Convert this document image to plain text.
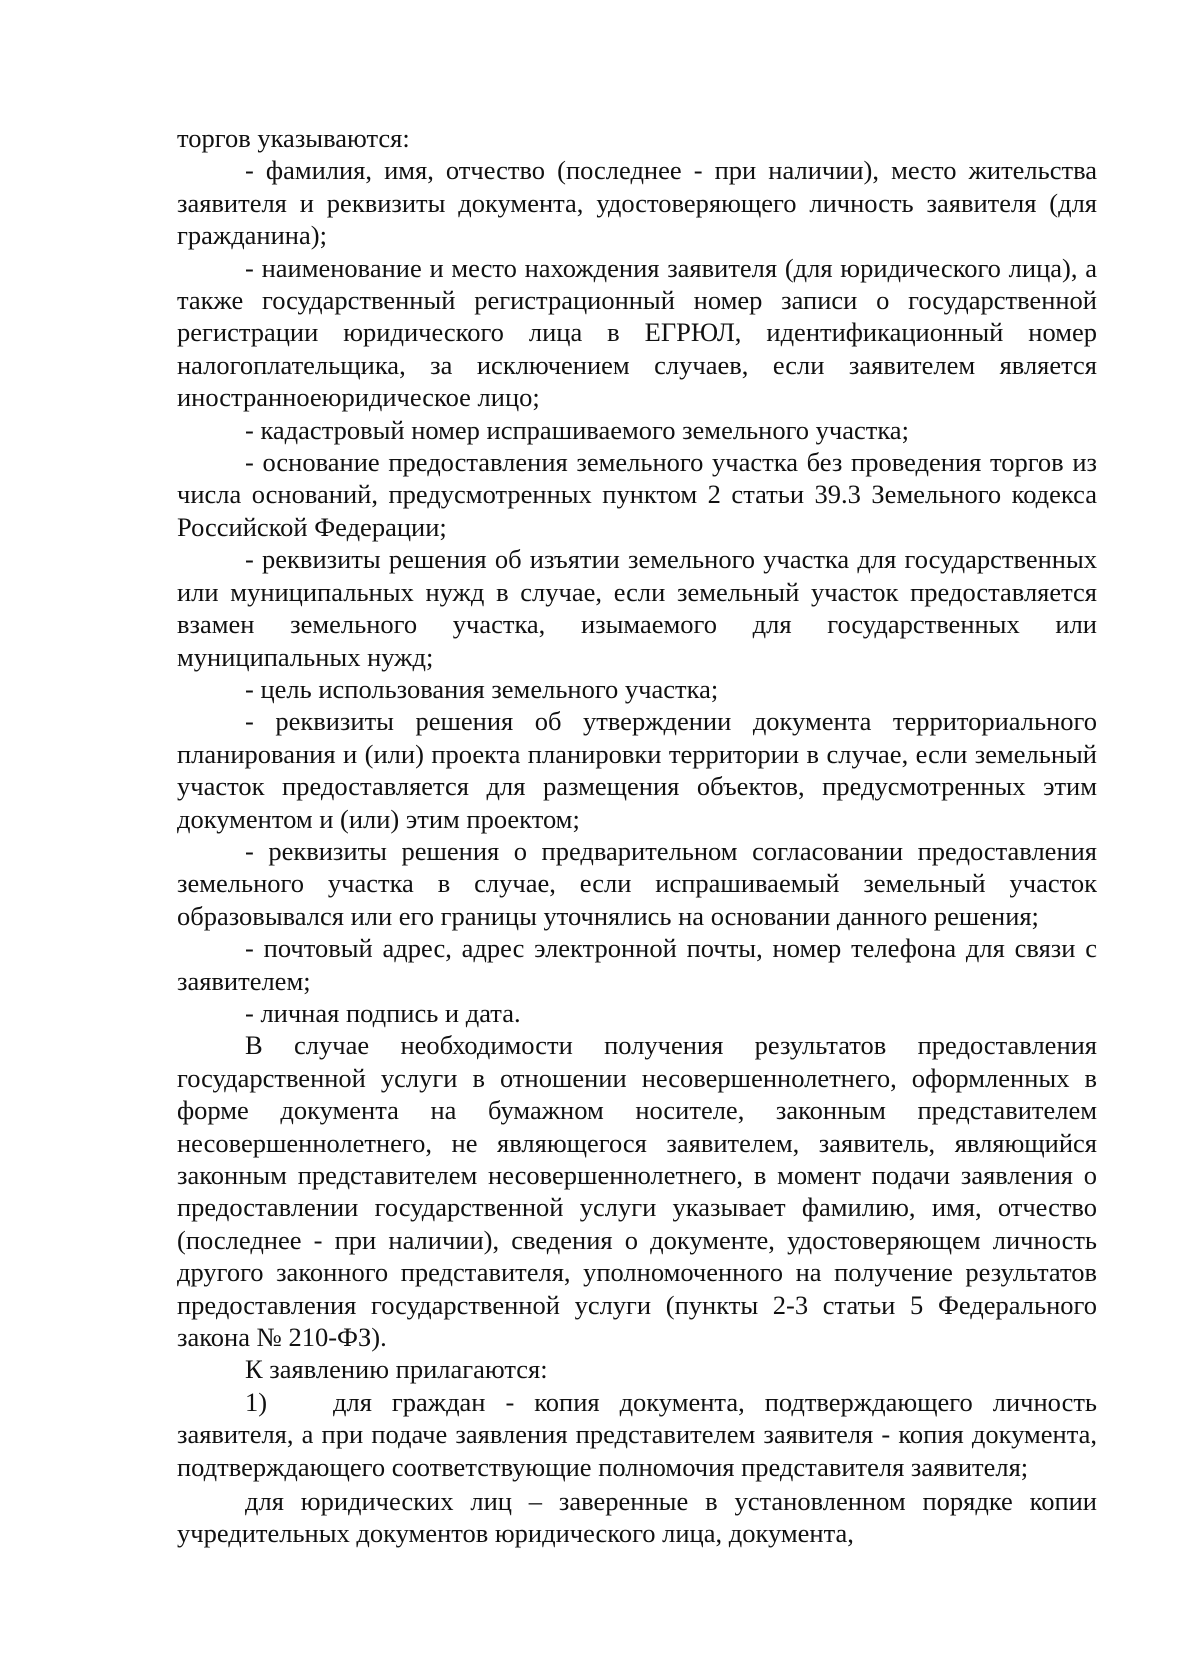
торгов указываются:

- фамилия, имя, отчество (последнее - при наличии), место жительства заявителя и реквизиты документа, удостоверяющего личность заявителя (для гражданина);

- наименование и место нахождения заявителя (для юридического лица), а также государственный регистрационный номер записи о государственной регистрации юридического лица в ЕГРЮЛ, идентификационный номер налогоплательщика, за исключением случаев, если заявителем является иностранноеюридическое лицо;

- кадастровый номер испрашиваемого земельного участка;

- основание предоставления земельного участка без проведения торгов из числа оснований, предусмотренных пунктом 2 статьи 39.3 Земельного кодекса Российской Федерации;

- реквизиты решения об изъятии земельного участка для государственных или муниципальных нужд в случае, если земельный участок предоставляется взамен земельного участка, изымаемого для государственных или муниципальных нужд;

- цель использования земельного участка;

- реквизиты решения об утверждении документа территориального планирования и (или) проекта планировки территории в случае, если земельный участок предоставляется для размещения объектов, предусмотренных этим документом и (или) этим проектом;

- реквизиты решения о предварительном согласовании предоставления земельного участка в случае, если испрашиваемый земельный участок образовывался или его границы уточнялись на основании данного решения;

- почтовый адрес, адрес электронной почты, номер телефона для связи с заявителем;

- личная подпись и дата.

В случае необходимости получения результатов предоставления государственной услуги в отношении несовершеннолетнего, оформленных в форме документа на бумажном носителе, законным представителем несовершеннолетнего, не являющегося заявителем, заявитель, являющийся законным представителем несовершеннолетнего, в момент подачи заявления о предоставлении государственной услуги указывает фамилию, имя, отчество (последнее - при наличии), сведения о документе, удостоверяющем личность другого законного представителя, уполномоченного на получение результатов предоставления государственной услуги (пункты 2-3 статьи 5 Федерального закона № 210-ФЗ).

К заявлению прилагаются:

1) для граждан - копия документа, подтверждающего личность заявителя, а при подаче заявления представителем заявителя - копия документа, подтверждающего соответствующие полномочия представителя заявителя;

для юридических лиц – заверенные в установленном порядке копии учредительных документов юридического лица, документа,
